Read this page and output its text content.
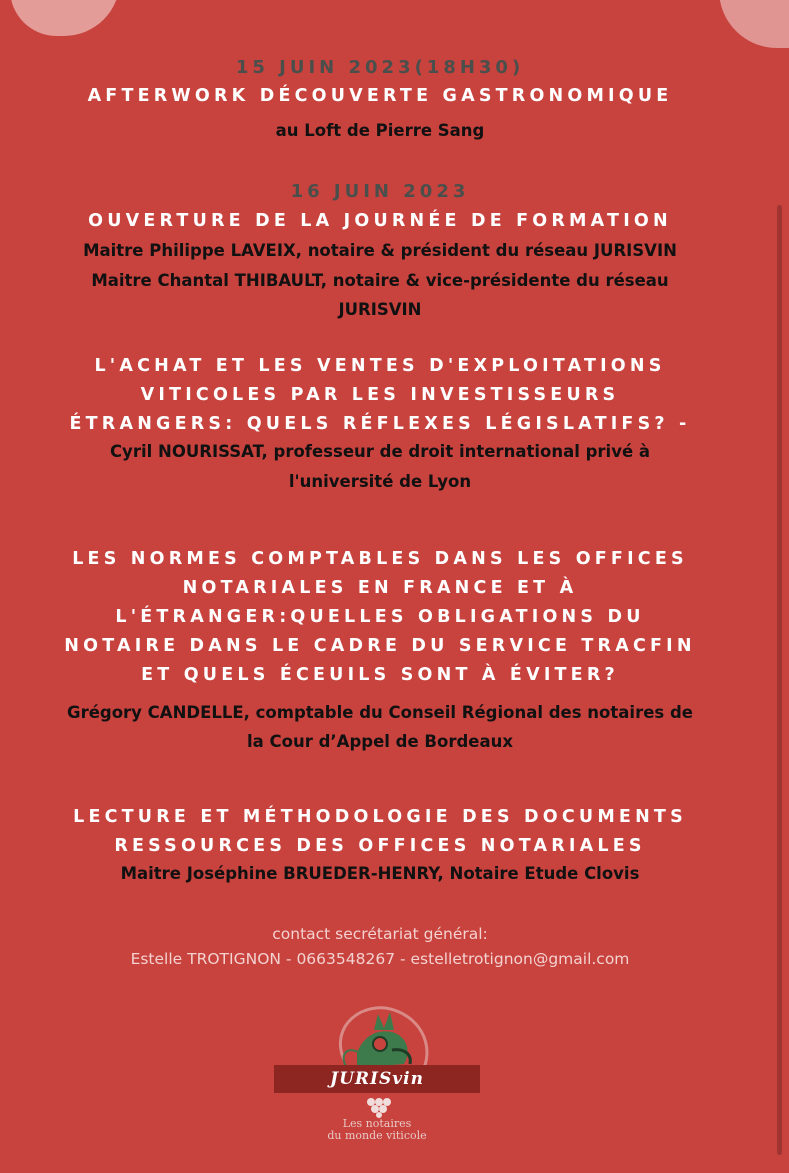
15 JUIN 2023(18H30)
AFTERWORK DÉCOUVERTE GASTRONOMIQUE
au Loft de Pierre Sang
16 JUIN 2023
OUVERTURE DE LA JOURNÉE DE FORMATION
Maitre Philippe LAVEIX, notaire & président du réseau JURISVIN
Maitre Chantal THIBAULT, notaire & vice-présidente du réseau
JURISVIN
L'ACHAT ET LES VENTES D'EXPLOITATIONS
VITICOLES PAR LES INVESTISSEURS
ÉTRANGERS: QUELS RÉFLEXES LÉGISLATIFS? -
Cyril NOURISSAT, professeur de droit international privé à
l'université de Lyon
LES NORMES COMPTABLES DANS LES OFFICES
NOTARIALES EN FRANCE ET À
L'ÉTRANGER:QUELLES OBLIGATIONS DU
NOTAIRE DANS LE CADRE DU SERVICE TRACFIN
ET QUELS ÉCEUILS SONT À ÉVITER?
Grégory CANDELLE, comptable du Conseil Régional des notaires de
la Cour d’Appel de Bordeaux
LECTURE ET MÉTHODOLOGIE DES DOCUMENTS
RESSOURCES DES OFFICES NOTARIALES
Maitre Joséphine BRUEDER-HENRY, Notaire Etude Clovis
contact secrétariat général:
Estelle TROTIGNON - 0663548267 - estelletrotignon@gmail.com
JURISvin
Les notaires
du monde viticole
